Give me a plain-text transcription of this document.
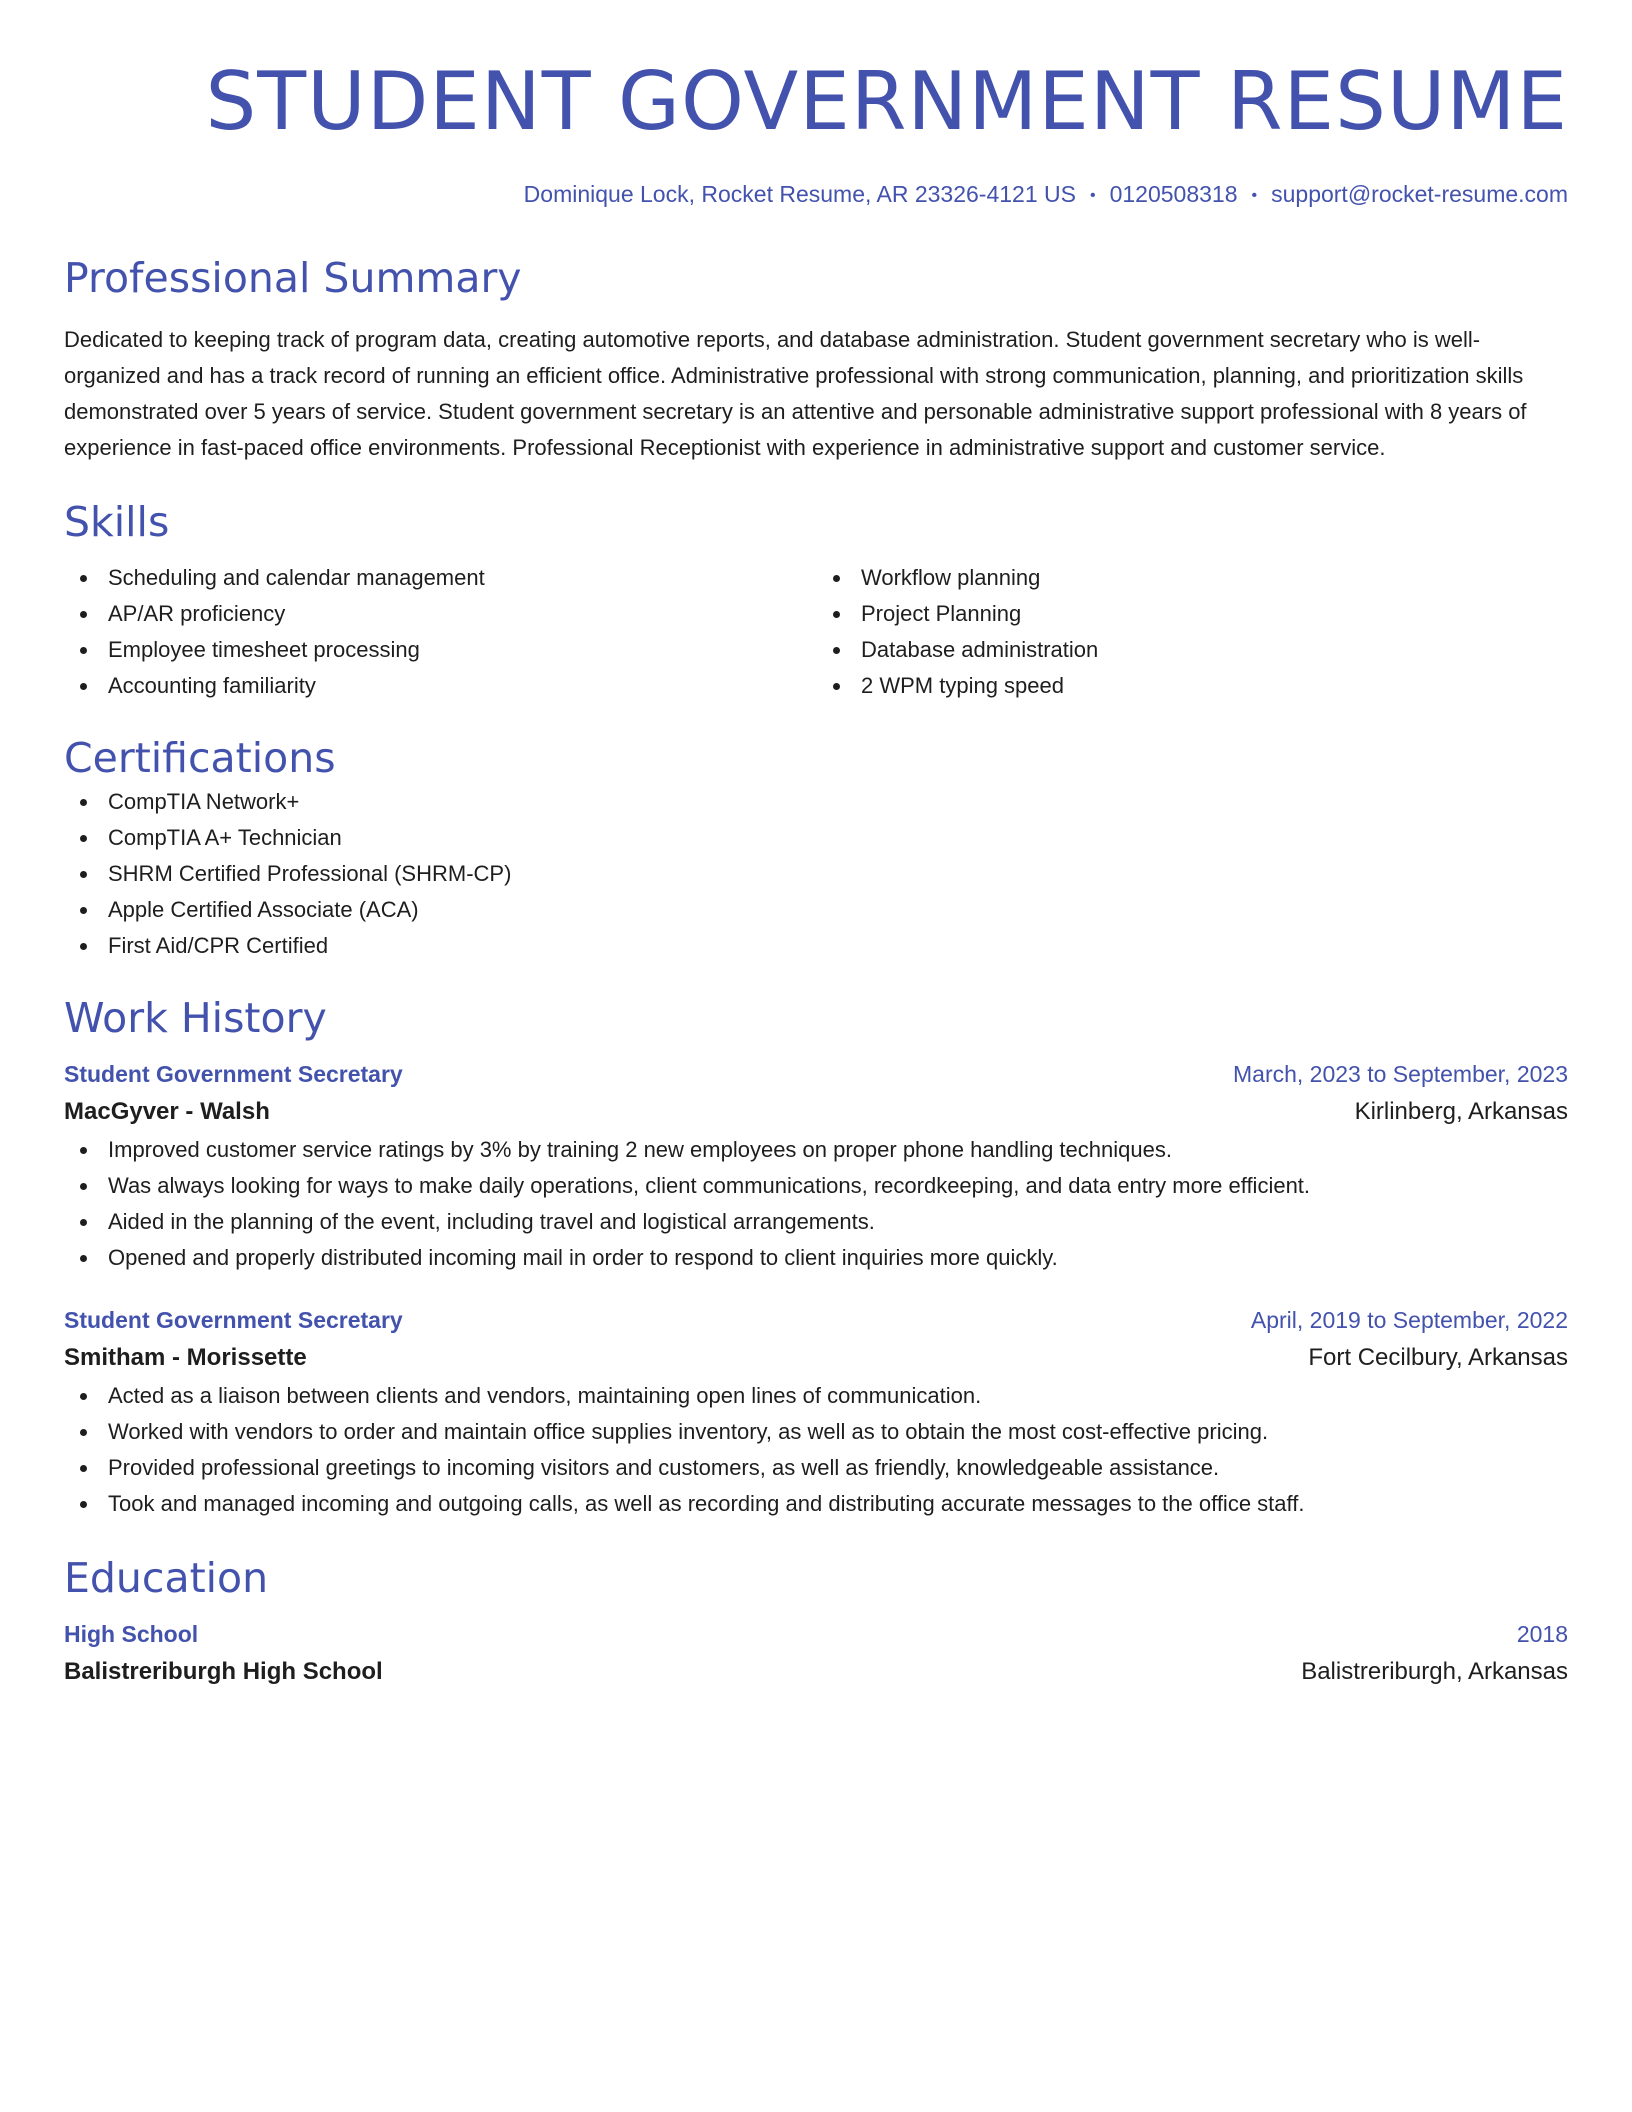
STUDENT GOVERNMENT RESUME
Dominique Lock, Rocket Resume, AR 23326-4121 US • 0120508318 • support@rocket-resume.com
Professional Summary

Dedicated to keeping track of program data, creating automotive reports, and database administration. Student government secretary who is well-organized and has a track record of running an efficient office. Administrative professional with strong communication, planning, and prioritization skills demonstrated over 5 years of service. Student government secretary is an attentive and personable administrative support professional with 8 years of experience in fast-paced office environments. Professional Receptionist with experience in administrative support and customer service.

Skills
Scheduling and calendar management
AP/AR proficiency
Employee timesheet processing
Accounting familiarity
Workflow planning
Project Planning
Database administration
2 WPM typing speed
Certifications
CompTIA Network+
CompTIA A+ Technician
SHRM Certified Professional (SHRM-CP)
Apple Certified Associate (ACA)
First Aid/CPR Certified
Work History
Student Government Secretary	March, 2023 to September, 2023
MacGyver - Walsh	Kirlinberg, Arkansas
Improved customer service ratings by 3% by training 2 new employees on proper phone handling techniques.
Was always looking for ways to make daily operations, client communications, recordkeeping, and data entry more efficient.
Aided in the planning of the event, including travel and logistical arrangements.
Opened and properly distributed incoming mail in order to respond to client inquiries more quickly.
Student Government Secretary	April, 2019 to September, 2022
Smitham - Morissette	Fort Cecilbury, Arkansas
Acted as a liaison between clients and vendors, maintaining open lines of communication.
Worked with vendors to order and maintain office supplies inventory, as well as to obtain the most cost-effective pricing.
Provided professional greetings to incoming visitors and customers, as well as friendly, knowledgeable assistance.
Took and managed incoming and outgoing calls, as well as recording and distributing accurate messages to the office staff.
Education
High School	2018
Balistreriburgh High School	Balistreriburgh, Arkansas
